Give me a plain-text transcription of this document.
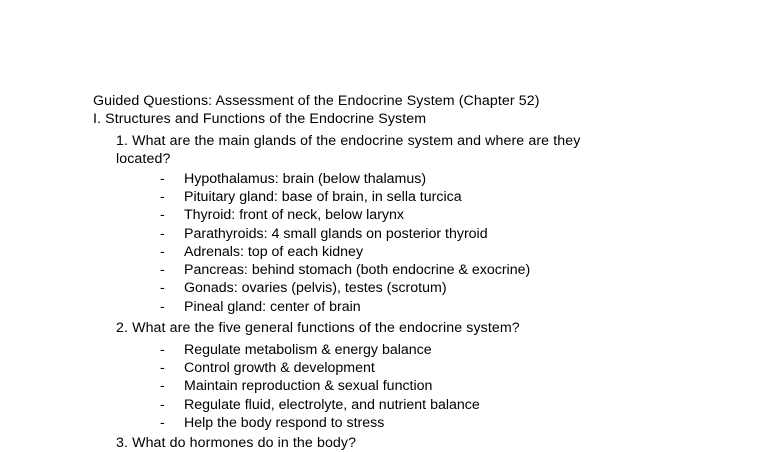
Guided Questions: Assessment of the Endocrine System (Chapter 52)
I. Structures and Functions of the Endocrine System
1. What are the main glands of the endocrine system and where are they
located?
- Hypothalamus: brain (below thalamus)
- Pituitary gland: base of brain, in sella turcica
- Thyroid: front of neck, below larynx
- Parathyroids: 4 small glands on posterior thyroid
- Adrenals: top of each kidney
- Pancreas: behind stomach (both endocrine & exocrine)
- Gonads: ovaries (pelvis), testes (scrotum)
- Pineal gland: center of brain
2. What are the five general functions of the endocrine system?
- Regulate metabolism & energy balance
- Control growth & development
- Maintain reproduction & sexual function
- Regulate fluid, electrolyte, and nutrient balance
- Help the body respond to stress
3. What do hormones do in the body?
